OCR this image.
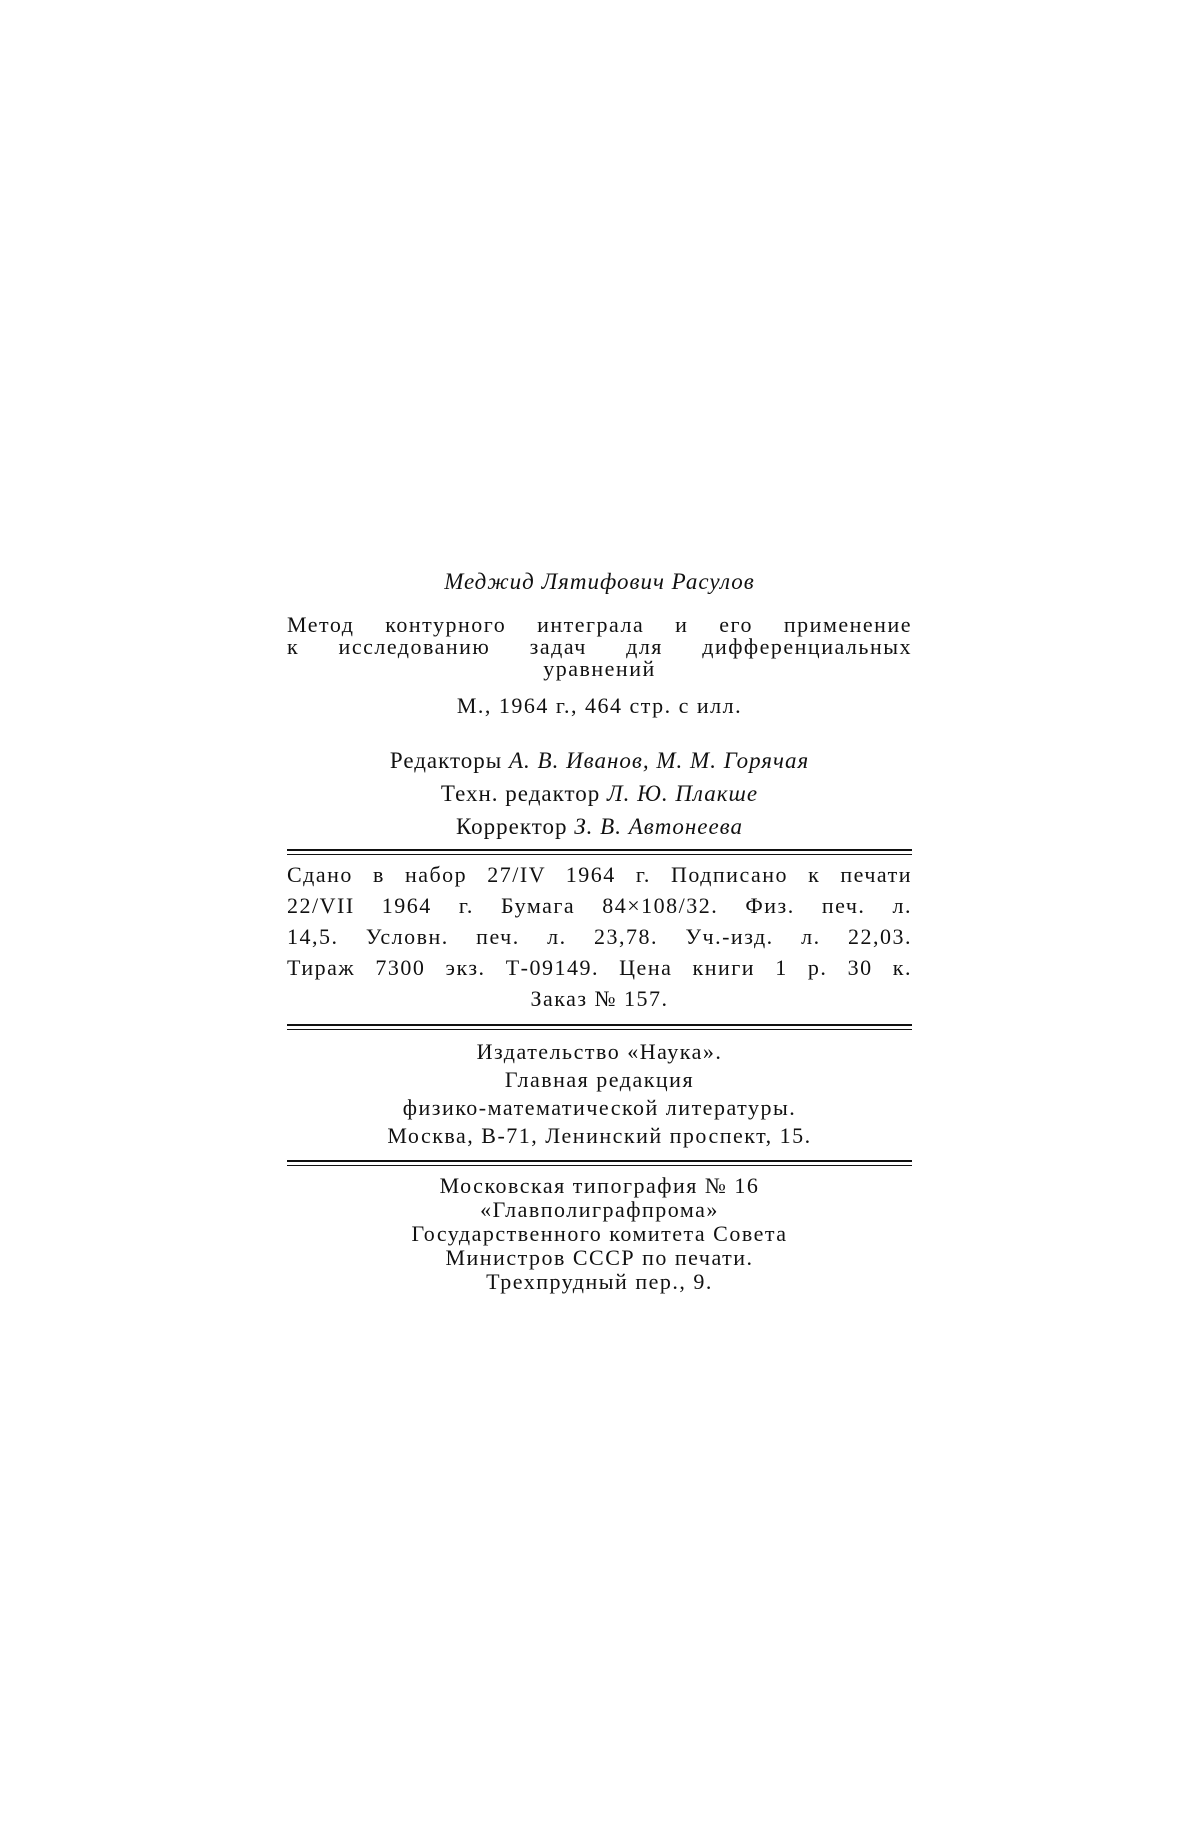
Меджид Лятифович Расулов
Метод контурного интеграла и его применение
к исследованию задач для дифференциальных
уравнений
М., 1964 г., 464 стр. с илл.
Редакторы А. В. Иванов, М. М. Горячая
Техн. редактор Л. Ю. Плакше
Корректор З. В. Автонеева
Сдано в набор 27/IV 1964 г. Подписано к печати
22/VII 1964 г. Бумага 84×108/32. Физ. печ. л.
14,5. Условн. печ. л. 23,78. Уч.-изд. л. 22,03.
Тираж 7300 экз. Т-09149. Цена книги 1 р. 30 к.
Заказ № 157.
Издательство «Наука».
Главная редакция
физико-математической литературы.
Москва, В-71, Ленинский проспект, 15.
Московская типография № 16
«Главполиграфпрома»
Государственного комитета Совета
Министров СССР по печати.
Трехпрудный пер., 9.
